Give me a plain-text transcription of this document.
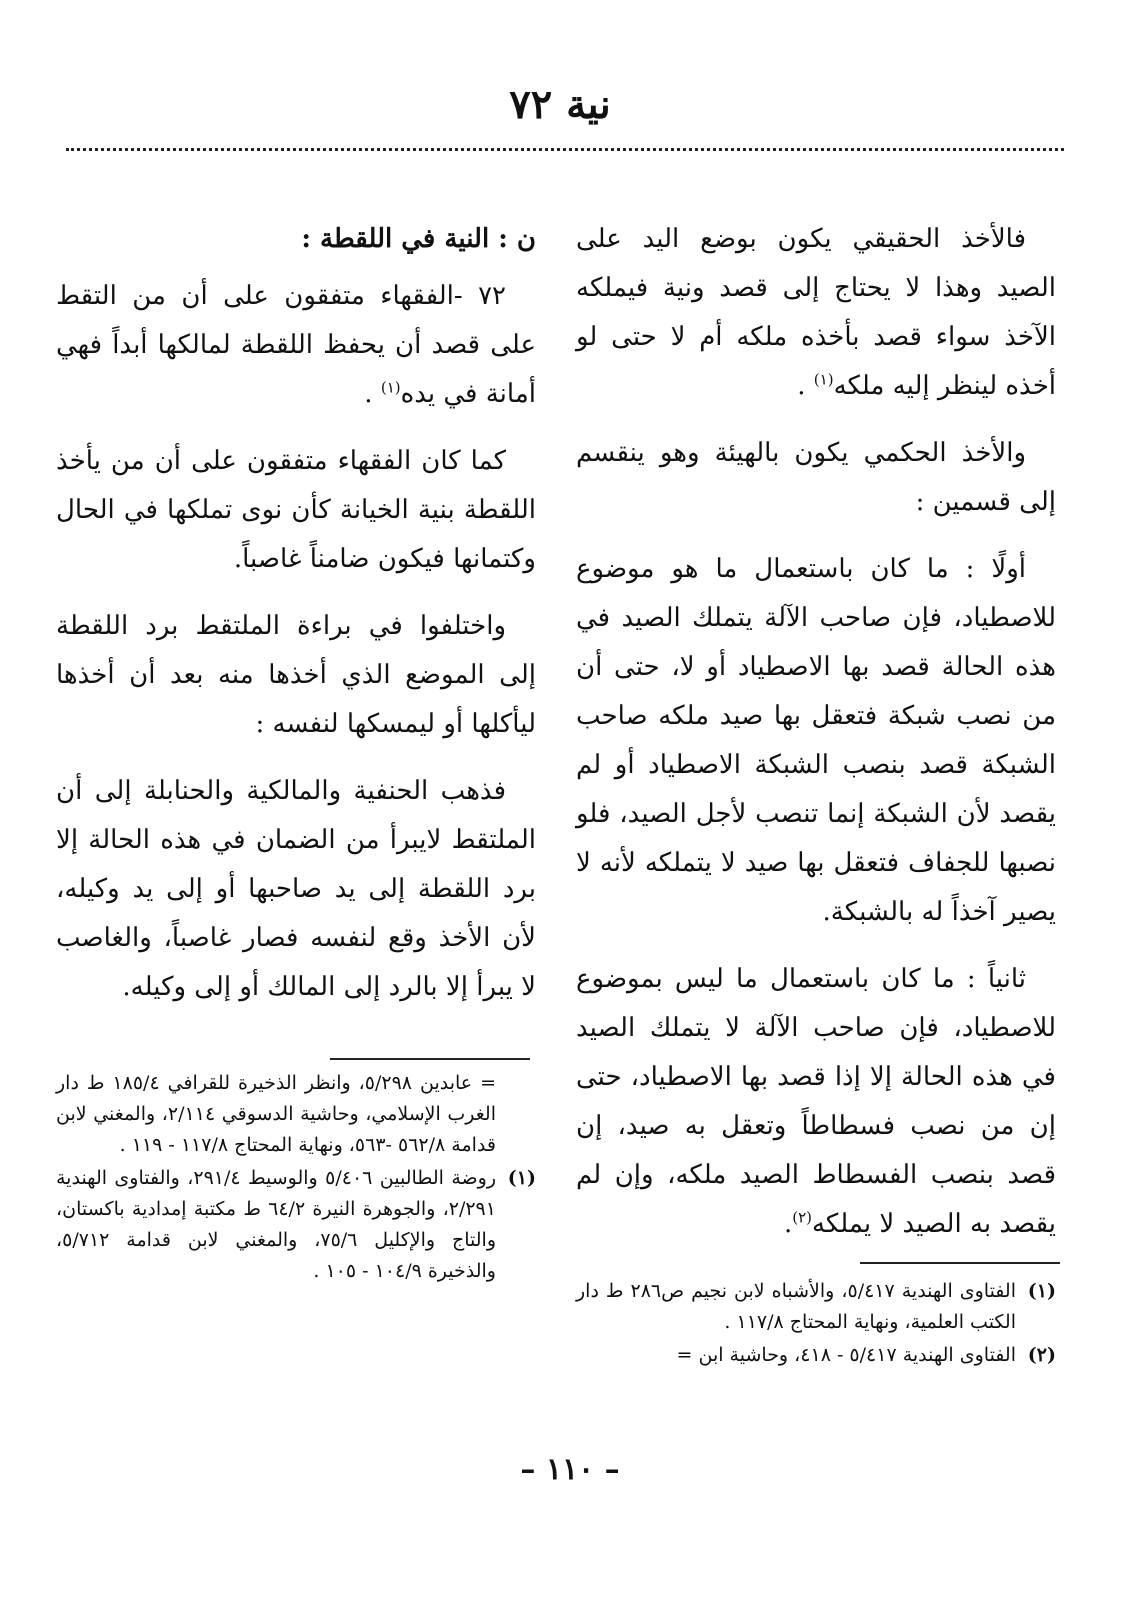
نية ٧٢

فالأخذ الحقيقي يكون بوضع اليد على الصيد وهذا لا يحتاج إلى قصد ونية فيملكه الآخذ سواء قصد بأخذه ملكه أم لا حتى لو أخذه لينظر إليه ملكه$^{(١)}$ .

والأخذ الحكمي يكون بالهيئة وهو ينقسم إلى قسمين :

أولًا : ما كان باستعمال ما هو موضوع للاصطياد، فإن صاحب الآلة يتملك الصيد في هذه الحالة قصد بها الاصطياد أو لا، حتى أن من نصب شبكة فتعقل بها صيد ملكه صاحب الشبكة قصد بنصب الشبكة الاصطياد أو لم يقصد لأن الشبكة إنما تنصب لأجل الصيد، فلو نصبها للجفاف فتعقل بها صيد لا يتملكه لأنه لا يصير آخذاً له بالشبكة.

ثانياً : ما كان باستعمال ما ليس بموضوع للاصطياد، فإن صاحب الآلة لا يتملك الصيد في هذه الحالة إلا إذا قصد بها الاصطياد، حتى إن من نصب فسطاطاً وتعقل به صيد، إن قصد بنصب الفسطاط الصيد ملكه، وإن لم يقصد به الصيد لا يملكه$^{(٢)}$.

(١)
الفتاوى الهندية ٥/٤١٧، والأشباه لابن نجيم ص٢٨٦ ط دار الكتب العلمية، ونهاية المحتاج ١١٧/٨ .
(٢)
الفتاوى الهندية ٥/٤١٧ - ٤١٨، وحاشية ابن =

ن : النية في اللقطة :

٧٢ -الفقهاء متفقون على أن من التقط على قصد أن يحفظ اللقطة لمالكها أبداً فهي أمانة في يده$^{(١)}$ .

كما كان الفقهاء متفقون على أن من يأخذ اللقطة بنية الخيانة كأن نوى تملكها في الحال وكتمانها فيكون ضامناً غاصباً.

واختلفوا في براءة الملتقط برد اللقطة إلى الموضع الذي أخذها منه بعد أن أخذها ليأكلها أو ليمسكها لنفسه :

فذهب الحنفية والمالكية والحنابلة إلى أن الملتقط لايبرأ من الضمان في هذه الحالة إلا برد اللقطة إلى يد صاحبها أو إلى يد وكيله، لأن الأخذ وقع لنفسه فصار غاصباً، والغاصب لا يبرأ إلا بالرد إلى المالك أو إلى وكيله.

= عابدين ٥/٢٩٨، وانظر الذخيرة للقرافي ١٨٥/٤ ط دار الغرب الإسلامي، وحاشية الدسوقي ٢/١١٤، والمغني لابن قدامة ٥٦٢/٨ -٥٦٣، ونهاية المحتاج ١١٧/٨ - ١١٩ .
(١)
روضة الطالبين ٥/٤٠٦ والوسيط ٢٩١/٤، والفتاوى الهندية ٢/٢٩١، والجوهرة النيرة ٦٤/٢ ط مكتبة إمدادية باكستان، والتاج والإكليل ٧٥/٦، والمغني لابن قدامة ٥/٧١٢، والذخيرة ١٠٤/٩ - ١٠٥ .
– ١١٠ –
